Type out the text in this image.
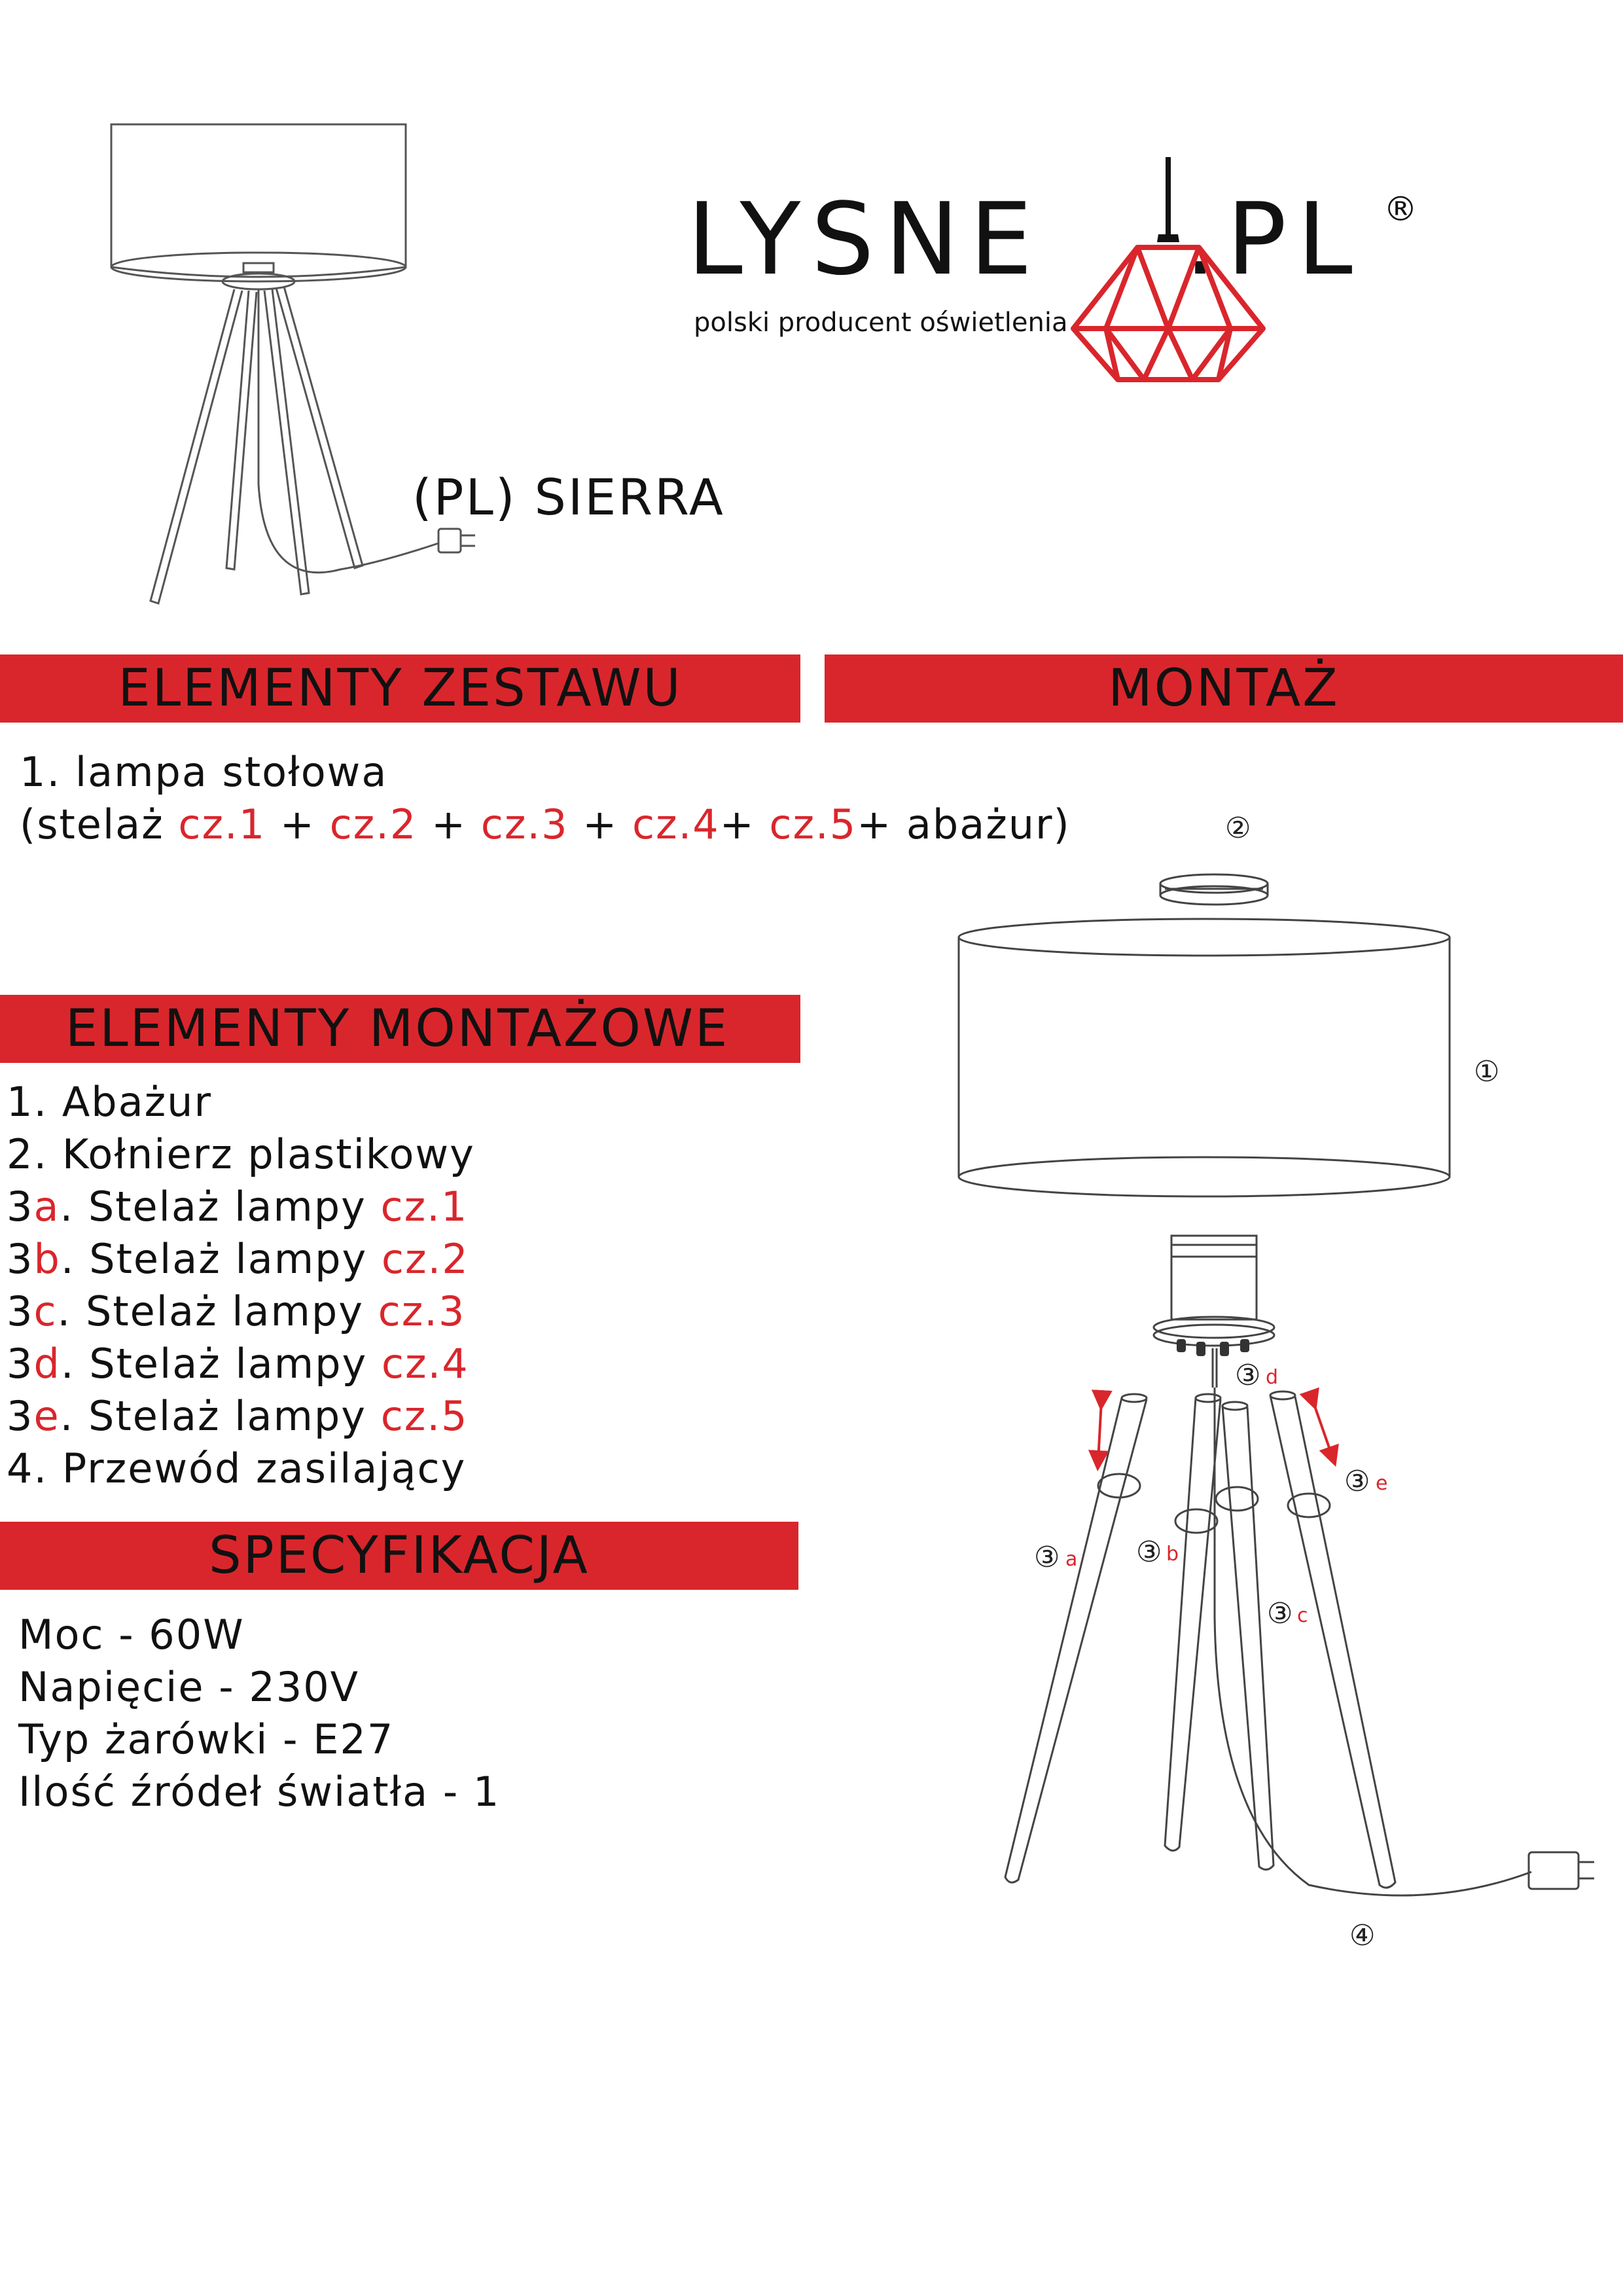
LYSNE .PL ®
polski producent oświetlenia
(PL) SIERRA
ELEMENTY ZESTAWU
1. lampa stołowa
(stelaż cz.1 + cz.2 + cz.3 + cz.4+ cz.5+ abażur)
MONTAŻ
ELEMENTY MONTAŻOWE
1. Abażur
2. Kołnierz plastikowy
3a. Stelaż lampy cz.1
3b. Stelaż lampy cz.2
3c. Stelaż lampy cz.3
3d. Stelaż lampy cz.4
3e. Stelaż lampy cz.5
4. Przewód zasilający
SPECYFIKACJA
Moc - 60W
Napięcie - 230V
Typ żarówki - E27
Ilość źródeł światła - 1
②
①
④
③ d
③ e
③ a ③ b
③ c
